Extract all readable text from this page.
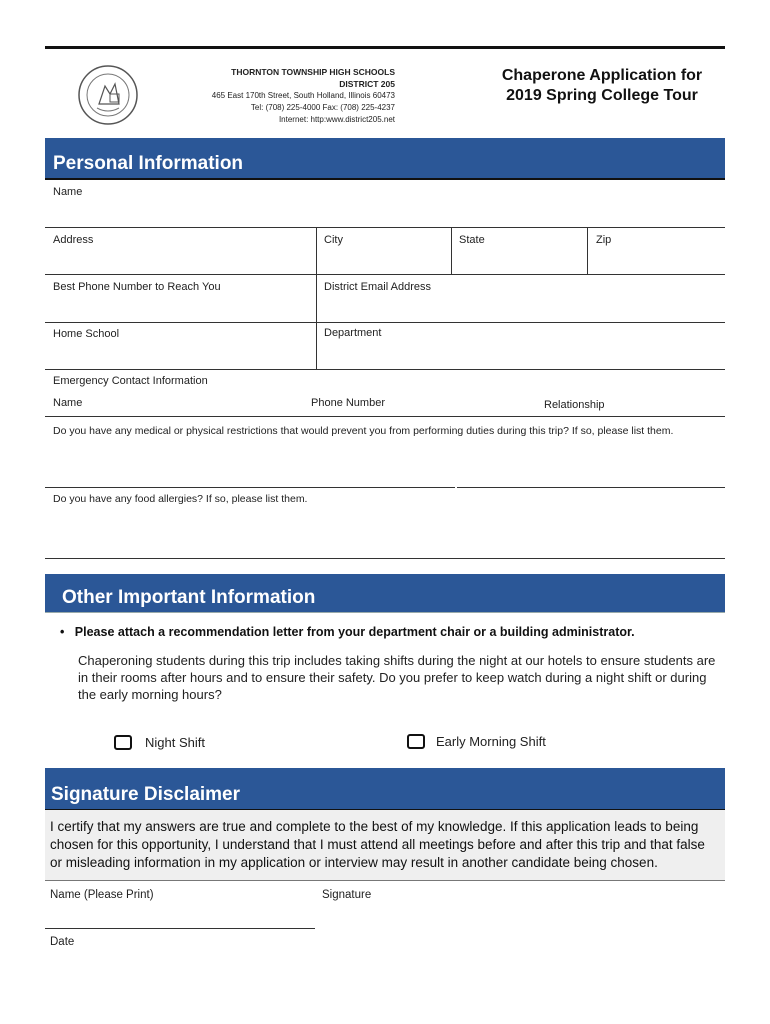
THORNTON TOWNSHIP HIGH SCHOOLS DISTRICT 205
465 East 170th Street, South Holland, Illinois 60473
Tel: (708) 225-4000 Fax: (708) 225-4237
Internet: http:www.district205.net
Chaperone Application for
2019 Spring College Tour
Personal Information
Name
Address	City	State	Zip
Best Phone Number to Reach You	District Email Address
Home School	Department
Emergency Contact Information
Name	Phone Number	Relationship
Do you have any medical or physical restrictions that would prevent you from performing duties during this trip? If so, please list them.
Do you have any food allergies? If so, please list them.
Other Important Information
•   Please attach a recommendation letter from your department chair or a building administrator.
Chaperoning students during this trip includes taking shifts during the night at our hotels to ensure students are in their rooms after hours and to ensure their safety. Do you prefer to keep watch during a night shift or during the early morning hours?
Night Shift	Early Morning Shift
Signature Disclaimer
I certify that my answers are true and complete to the best of my knowledge. If this application leads to being chosen for this opportunity, I understand that I must attend all meetings before and after this trip and that false or misleading information in my application or interview may result in another candidate being chosen.
Name (Please Print)	Signature
Date
